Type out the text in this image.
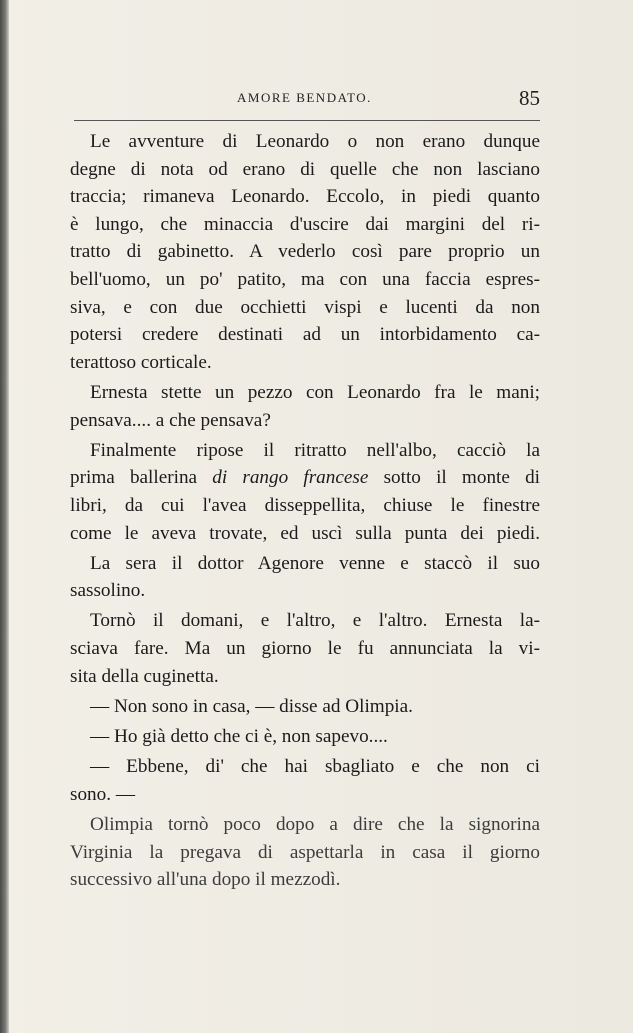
AMORE BENDATO.	85

Le avventure di Leonardo o non erano dunque
degne di nota od erano di quelle che non lasciano
traccia; rimaneva Leonardo. Eccolo, in piedi quanto
è lungo, che minaccia d'uscire dai margini del ri-
tratto di gabinetto. A vederlo così pare proprio un
bell'uomo, un po' patito, ma con una faccia espres-
siva, e con due occhietti vispi e lucenti da non
potersi credere destinati ad un intorbidamento ca-
terattoso corticale.

Ernesta stette un pezzo con Leonardo fra le mani;
pensava.... a che pensava?

Finalmente ripose il ritratto nell'albo, cacciò la
prima ballerina di rango francese sotto il monte di
libri, da cui l'avea disseppellita, chiuse le finestre
come le aveva trovate, ed uscì sulla punta dei piedi.

La sera il dottor Agenore venne e staccò il suo
sassolino.

Tornò il domani, e l'altro, e l'altro. Ernesta la-
sciava fare. Ma un giorno le fu annunciata la vi-
sita della cuginetta.

— Non sono in casa, — disse ad Olimpia.

— Ho già detto che ci è, non sapevo....

— Ebbene, di' che hai sbagliato e che non ci
sono. —

Olimpia tornò poco dopo a dire che la signorina
Virginia la pregava di aspettarla in casa il giorno
successivo all'una dopo il mezzodì.
